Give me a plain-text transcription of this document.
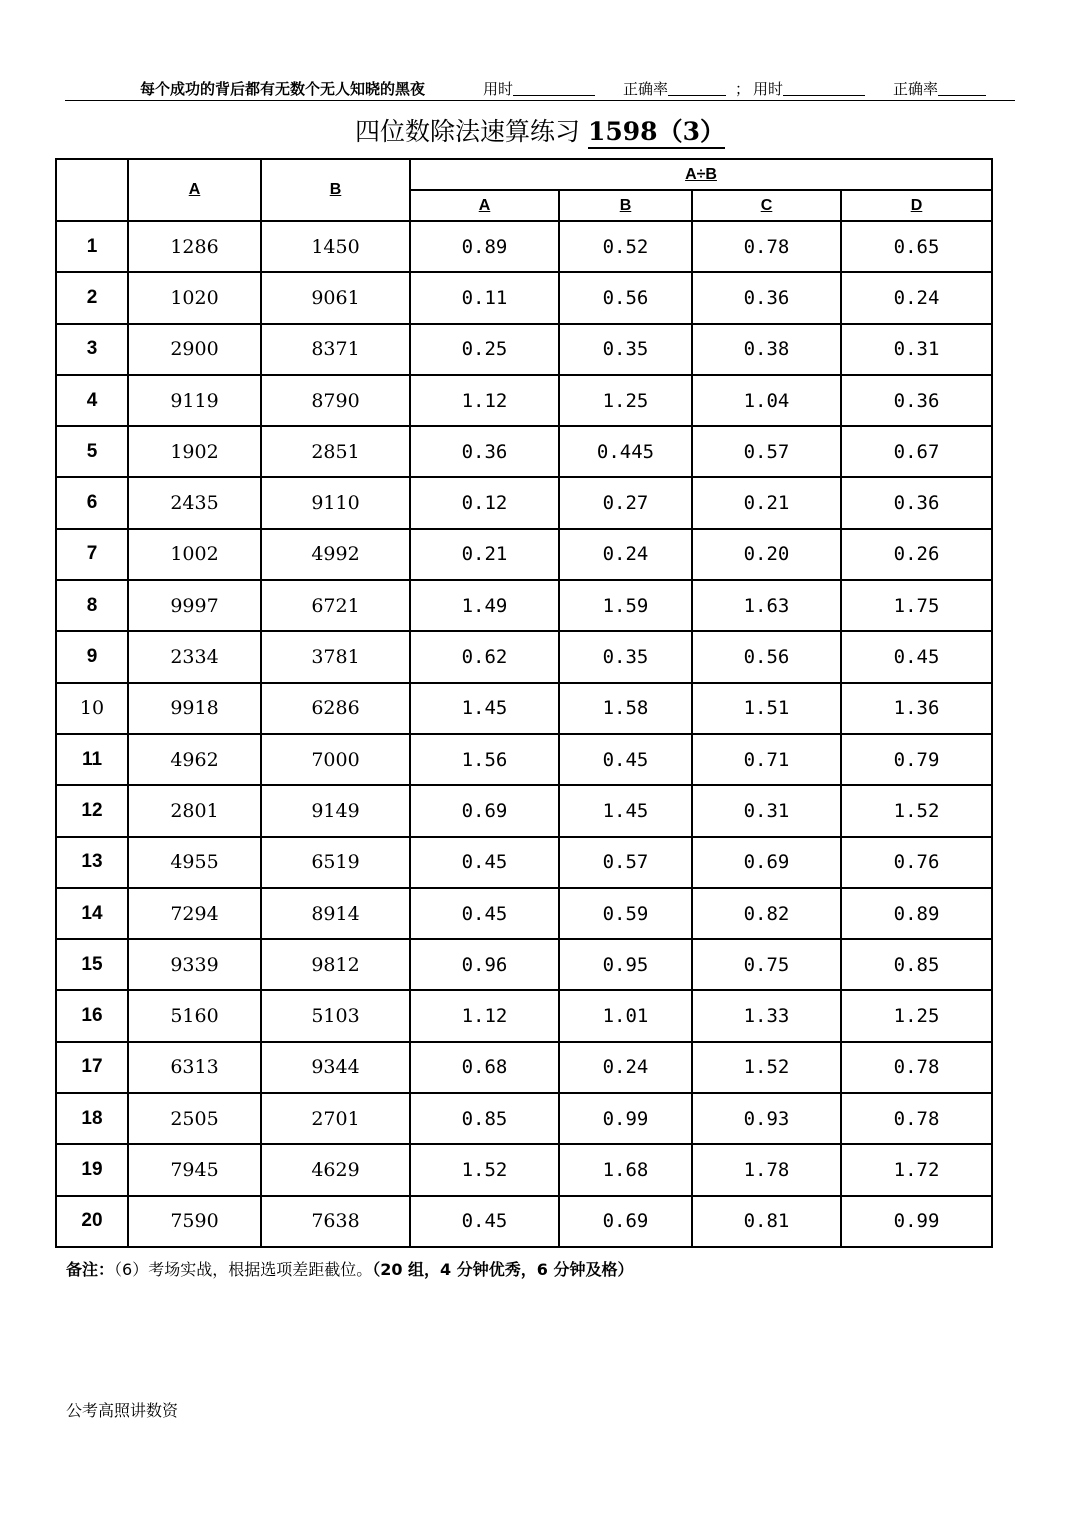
每个成功的背后都有无数个无人知晓的黑夜	用时	正确率	； 用时	正确率
四位数除法速算练习 1598（3）
	A	B	A÷B			
			A	B	C	D
1	1286	1450	0.89	0.52	0.78	0.65
2	1020	9061	0.11	0.56	0.36	0.24
3	2900	8371	0.25	0.35	0.38	0.31
4	9119	8790	1.12	1.25	1.04	0.36
5	1902	2851	0.36	0.445	0.57	0.67
6	2435	9110	0.12	0.27	0.21	0.36
7	1002	4992	0.21	0.24	0.20	0.26
8	9997	6721	1.49	1.59	1.63	1.75
9	2334	3781	0.62	0.35	0.56	0.45
10	9918	6286	1.45	1.58	1.51	1.36
11	4962	7000	1.56	0.45	0.71	0.79
12	2801	9149	0.69	1.45	0.31	1.52
13	4955	6519	0.45	0.57	0.69	0.76
14	7294	8914	0.45	0.59	0.82	0.89
15	9339	9812	0.96	0.95	0.75	0.85
16	5160	5103	1.12	1.01	1.33	1.25
17	6313	9344	0.68	0.24	1.52	0.78
18	2505	2701	0.85	0.99	0.93	0.78
19	7945	4629	1.52	1.68	1.78	1.72
20	7590	7638	0.45	0.69	0.81	0.99
备注：（6）考场实战，根据选项差距截位。（20 组，4 分钟优秀，6 分钟及格）
公考高照讲数资
